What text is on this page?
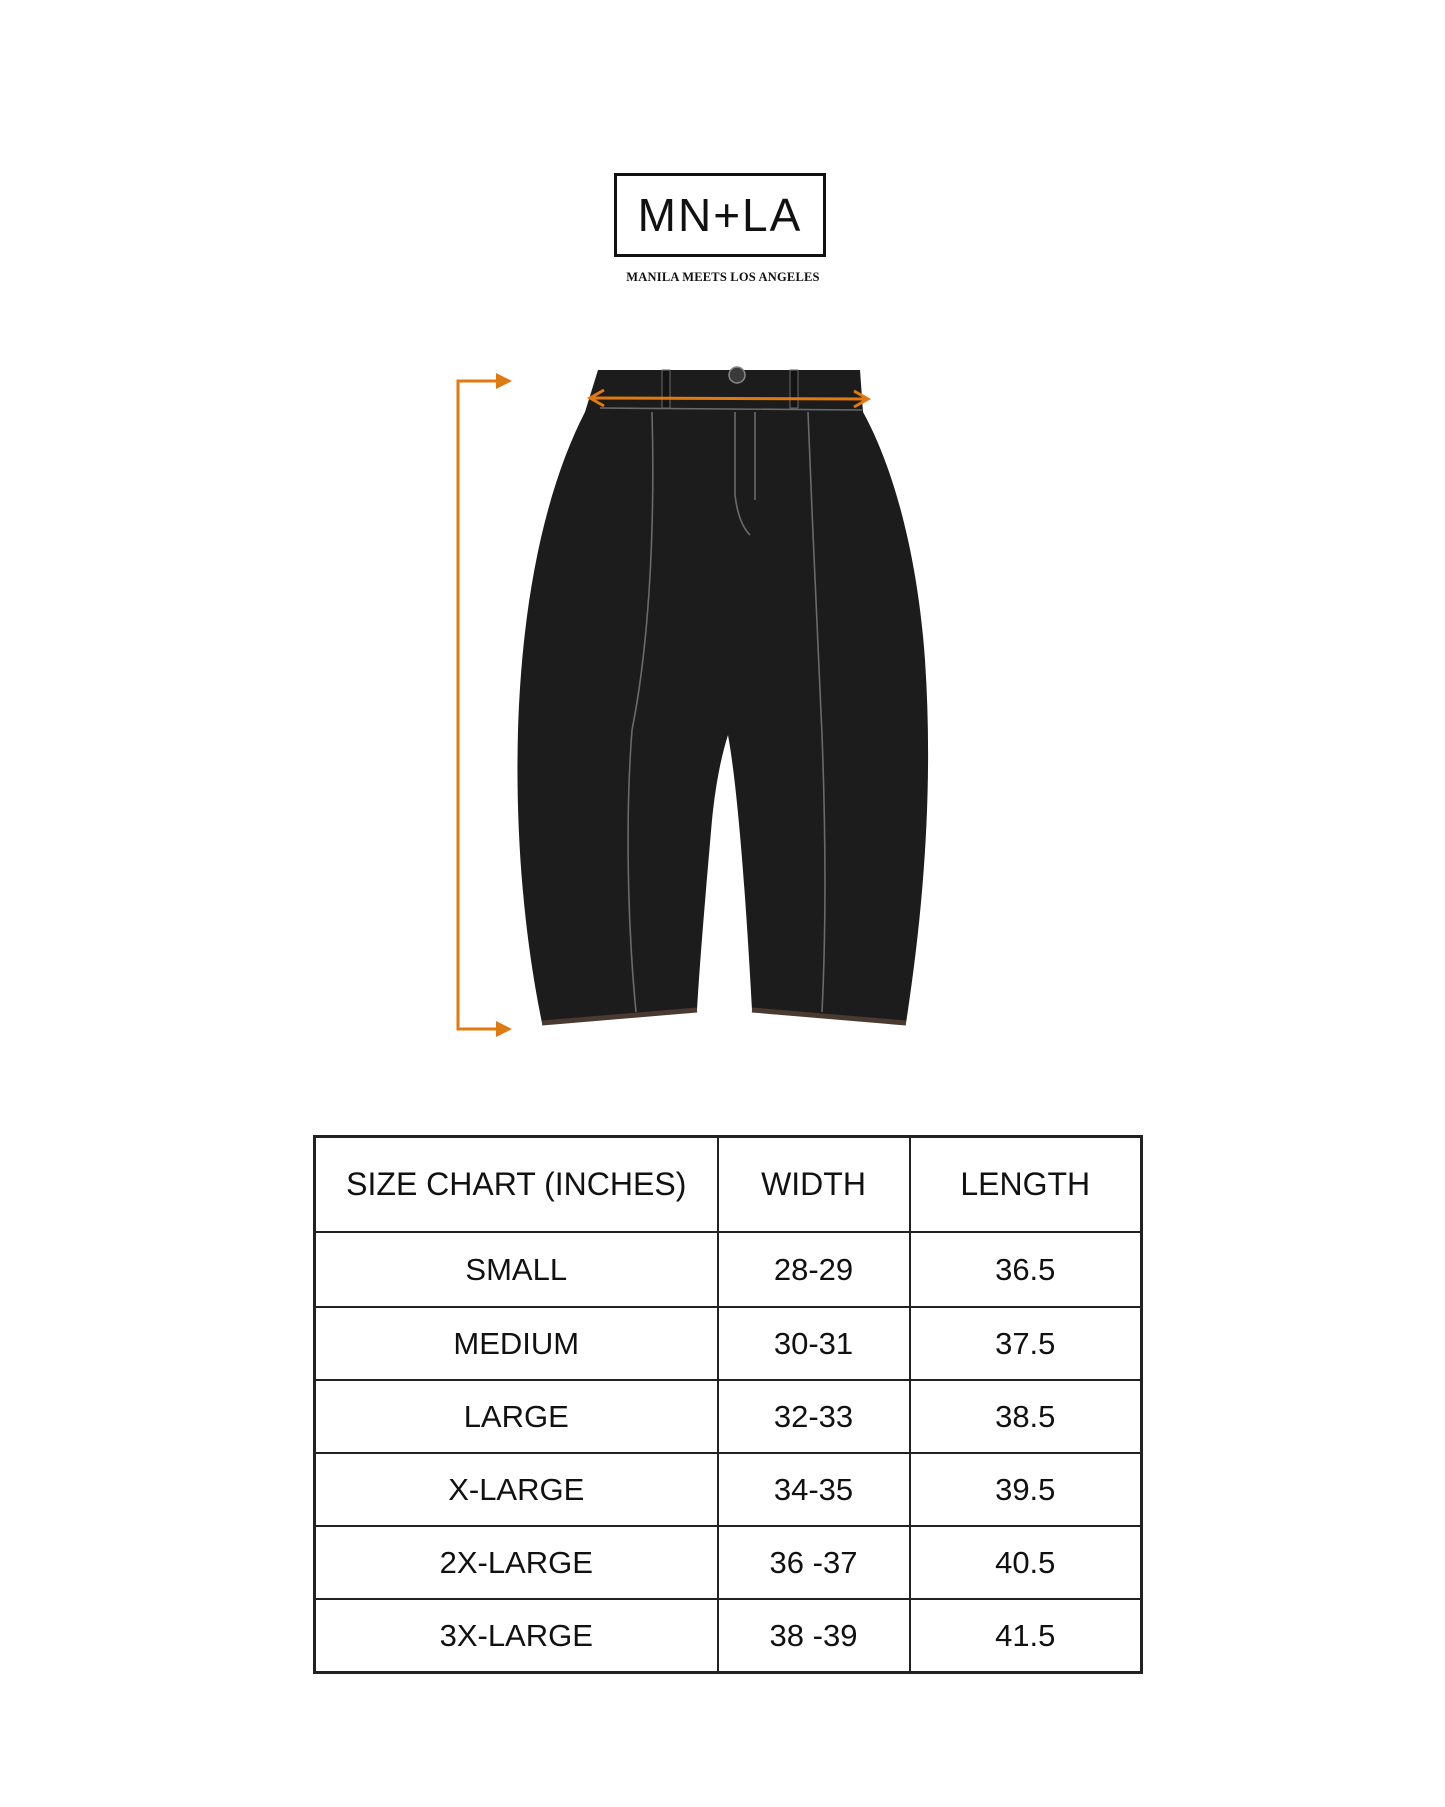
MN+LA
MANILA MEETS LOS ANGELES
SIZE CHART (INCHES)	WIDTH	LENGTH
SMALL	28-29	36.5
MEDIUM	30-31	37.5
LARGE	32-33	38.5
X-LARGE	34-35	39.5
2X-LARGE	36 -37	40.5
3X-LARGE	38 -39	41.5
